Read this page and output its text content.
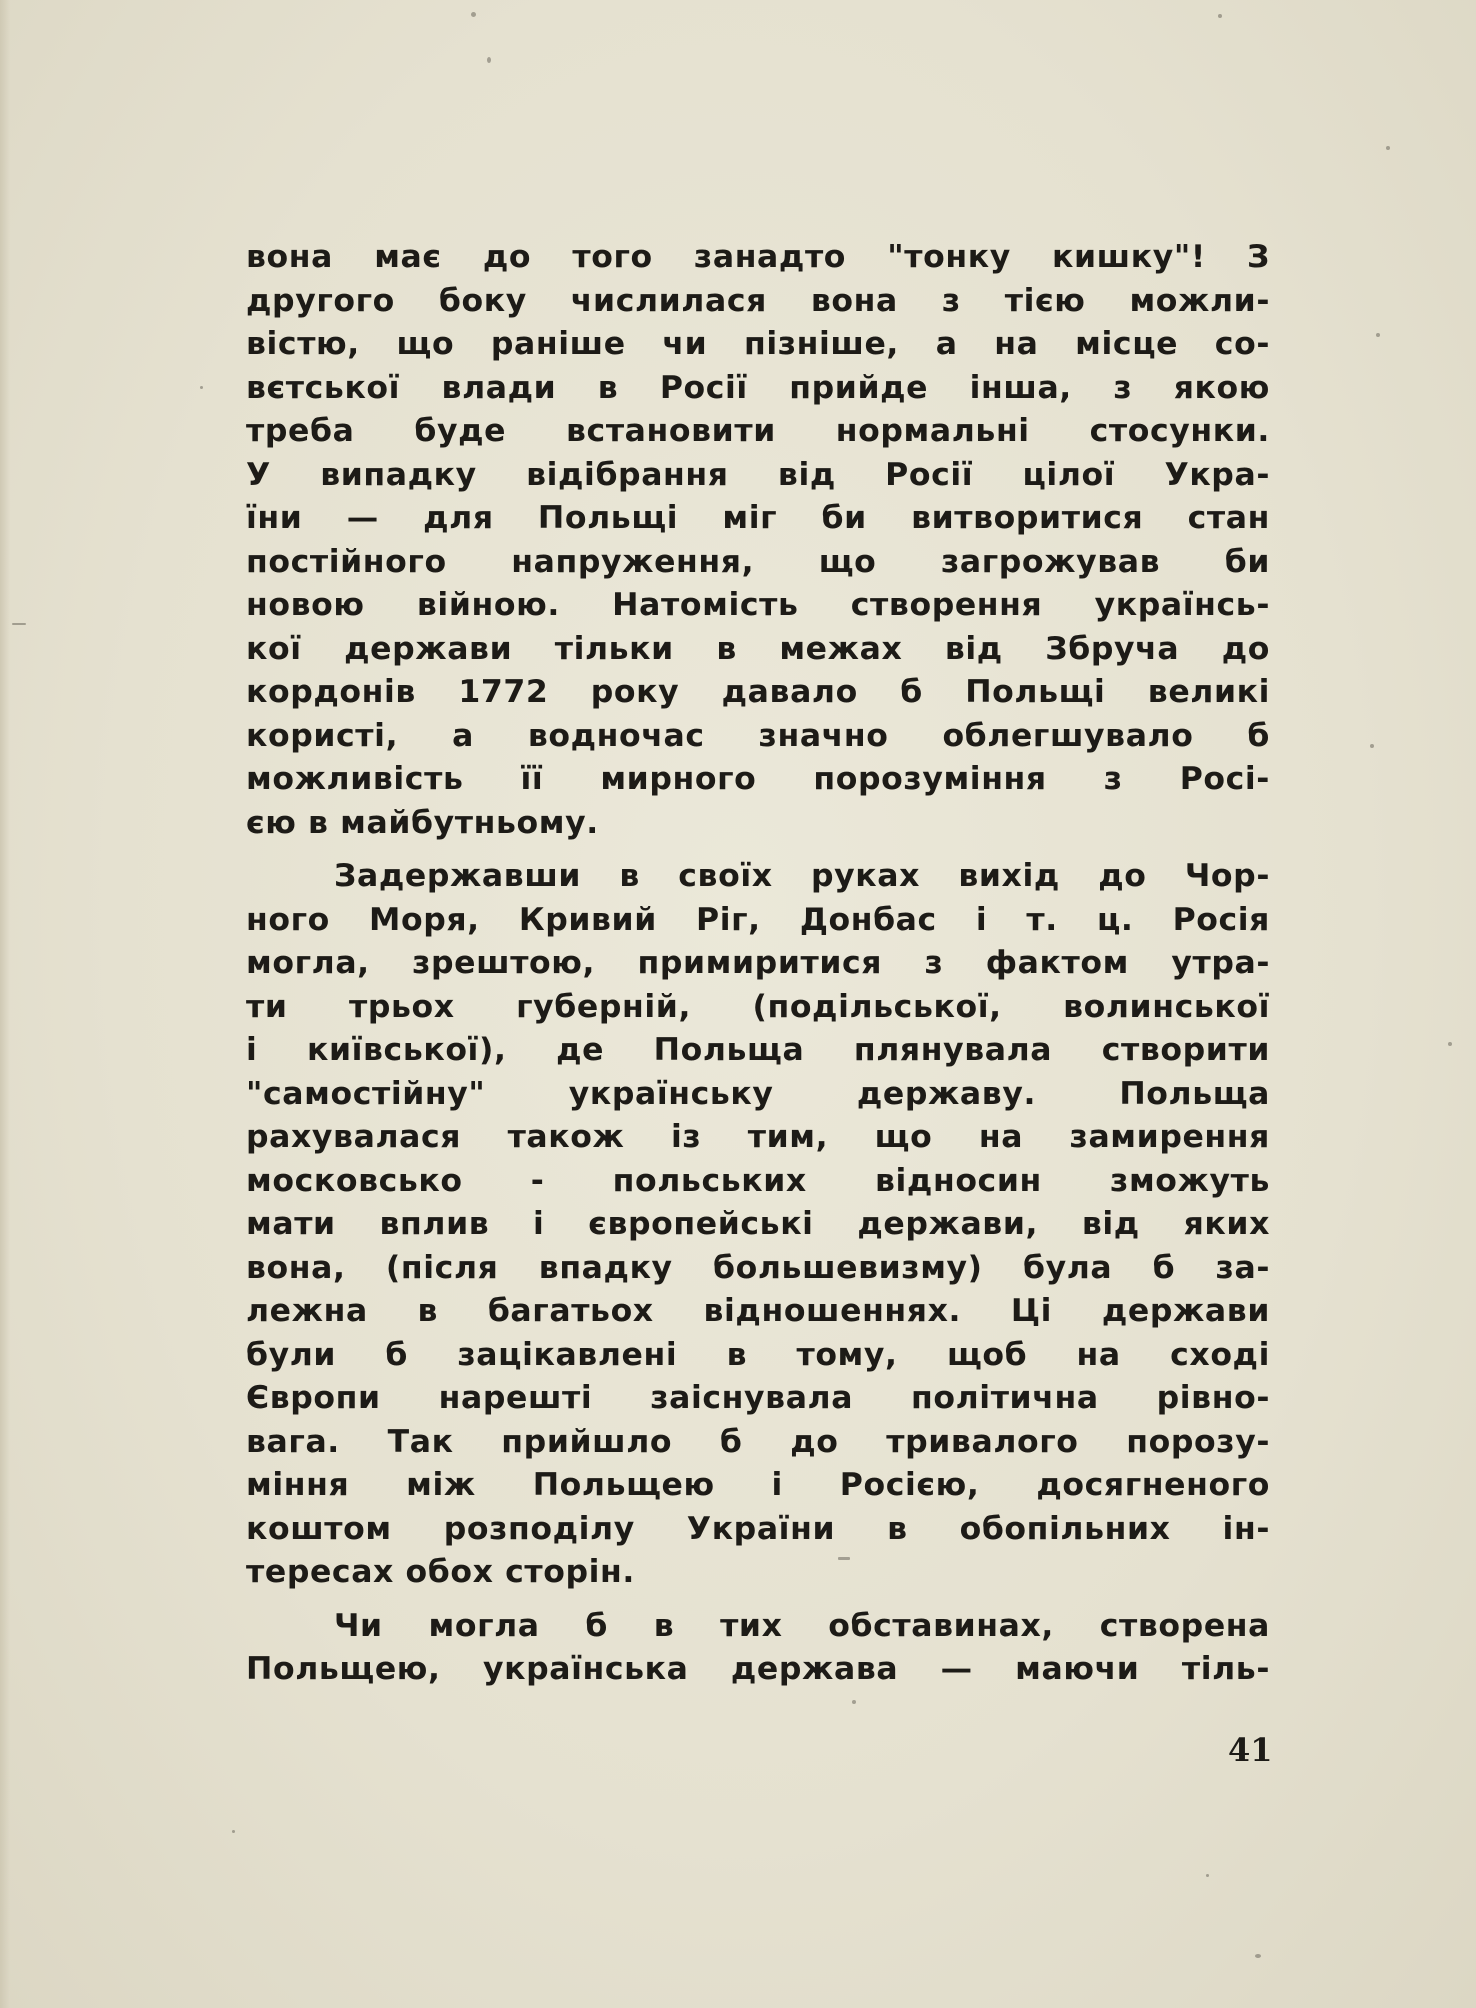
вона має до того занадто "тонку кишку"! З
другого боку числилася вона з тією можли-
вістю, що раніше чи пізніше, а на місце со-
вєтської влади в Росії прийде інша, з якою
треба буде встановити нормальні стосунки.
У випадку відібрання від Росії цілої Укра-
їни — для Польщі міг би витворитися стан
постійного напруження, що загрожував би
новою війною. Натомість створення українсь-
кої держави тільки в межах від Збруча до
кордонів 1772 року давало б Польщі великі
користі, а водночас значно облегшувало б
можливість її мирного порозуміння з Росі-
єю в майбутньому.
Задержавши в своїх руках вихід до Чор-
ного Моря, Кривий Ріг, Донбас і т. ц. Росія
могла, зрештою, примиритися з фактом утра-
ти трьох губерній, (подільської, волинської
і київської), де Польща плянувала створити
"самостійну" українську державу. Польща
рахувалася також із тим, що на замирення
московсько - польських відносин зможуть
мати вплив і європейські держави, від яких
вона, (після впадку большевизму) була б за-
лежна в багатьох відношеннях. Ці держави
були б зацікавлені в тому, щоб на сході
Європи нарешті заіснувала політична рівно-
вага. Так прийшло б до тривалого порозу-
міння між Польщею і Росією, досягненого
коштом розподілу України в обопільних ін-
тересах обох сторін.
Чи могла б в тих обставинах, створена
Польщею, українська держава — маючи тіль-
41
